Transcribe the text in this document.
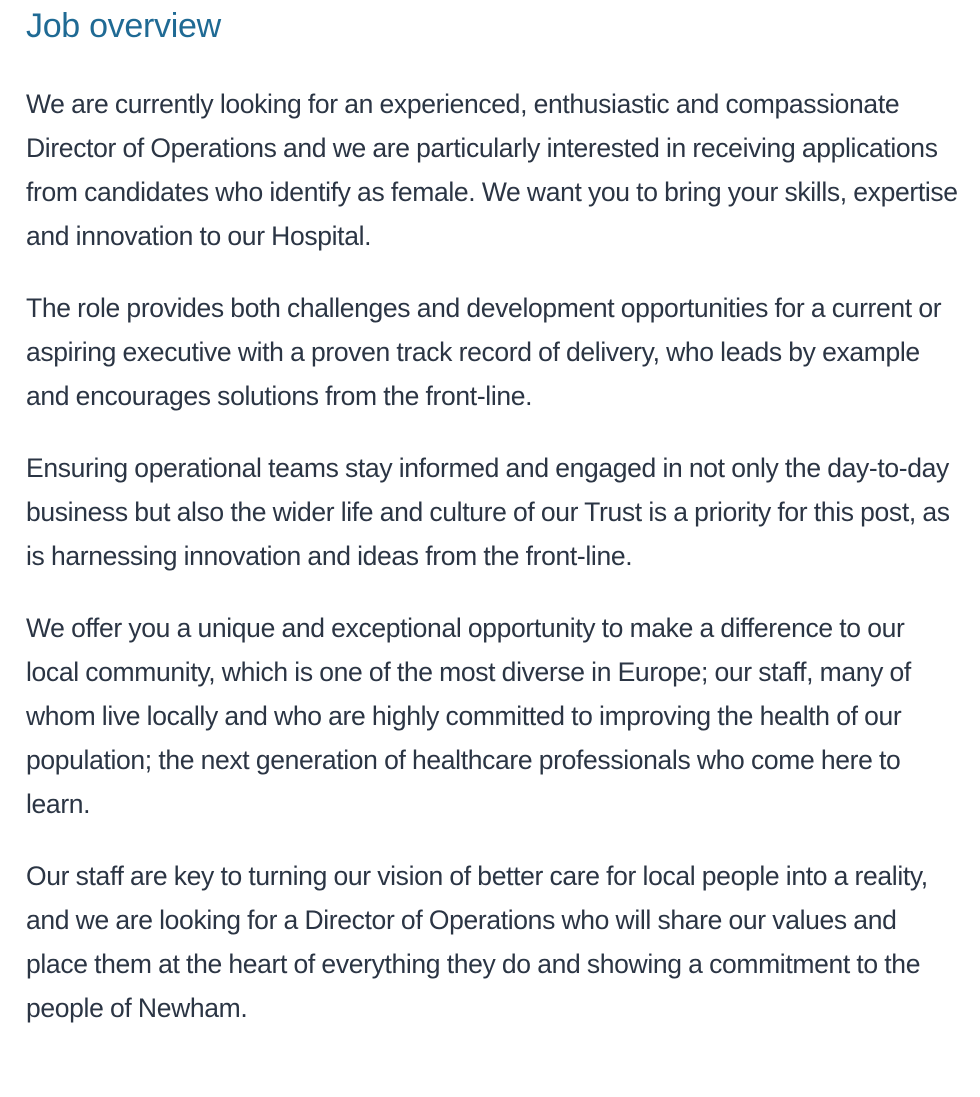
Job overview

We are currently looking for an experienced, enthusiastic and compassionate Director of Operations and we are particularly interested in receiving applications from candidates who identify as female. We want you to bring your skills, expertise and innovation to our Hospital.

The role provides both challenges and development opportunities for a current or aspiring executive with a proven track record of delivery, who leads by example and encourages solutions from the front-line.

Ensuring operational teams stay informed and engaged in not only the day-to-day business but also the wider life and culture of our Trust is a priority for this post, as is harnessing innovation and ideas from the front-line.

We offer you a unique and exceptional opportunity to make a difference to our local community, which is one of the most diverse in Europe; our staff, many of whom live locally and who are highly committed to improving the health of our population; the next generation of healthcare professionals who come here to learn.

Our staff are key to turning our vision of better care for local people into a reality, and we are looking for a Director of Operations who will share our values and place them at the heart of everything they do and showing a commitment to the people of Newham.
